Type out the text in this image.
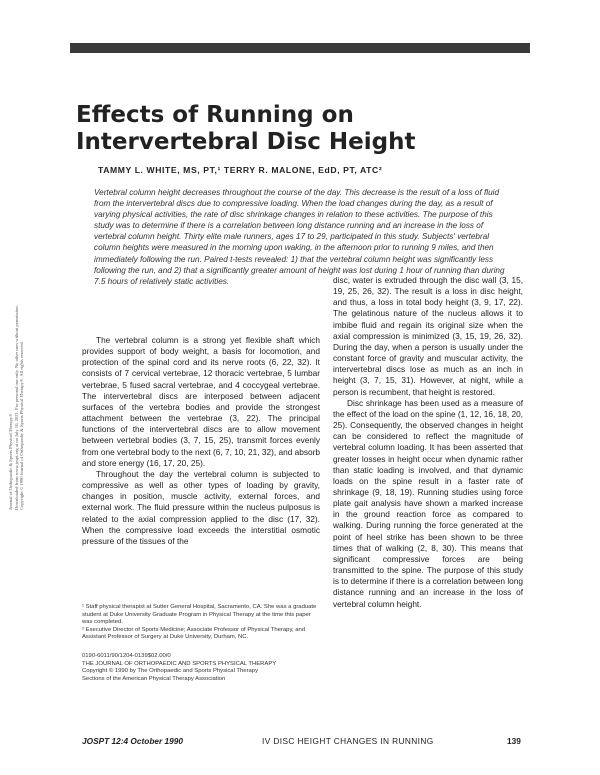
Effects of Running on Intervertebral Disc Height
TAMMY L. WHITE, MS, PT,¹ TERRY R. MALONE, EdD, PT, ATC²
Vertebral column height decreases throughout the course of the day. This decrease is the result of a loss of fluid from the intervertebral discs due to compressive loading. When the load changes during the day, as a result of varying physical activities, the rate of disc shrinkage changes in relation to these activities. The purpose of this study was to determine if there is a correlation between long distance running and an increase in the loss of vertebral column height. Thirty elite male runners, ages 17 to 29, participated in this study. Subjects' vertebral column heights were measured in the morning upon waking, in the afternoon prior to running 9 miles, and then immediately following the run. Paired t-tests revealed: 1) that the vertebral column height was significantly less following the run, and 2) that a significantly greater amount of height was lost during 1 hour of running than during 7.5 hours of relatively static activities.
Journal of Orthopaedic & Sports Physical Therapy® Downloaded from www.jospt.org at on July 10, 2021. For personal use only. No other uses without permission. Copyright © 1990 Journal of Orthopaedic & Sports Physical Therapy®. All rights reserved.

The vertebral column is a strong yet flexible shaft which provides support of body weight, a basis for locomotion, and protection of the spinal cord and its nerve roots (6, 22, 32). It consists of 7 cervical vertebrae, 12 thoracic vertebrae, 5 lumbar vertebrae, 5 fused sacral vertebrae, and 4 coccygeal vertebrae. The intervertebral discs are interposed between adjacent surfaces of the vertebra bodies and provide the strongest attachment between the vertebrae (3, 22). The principal functions of the intervertebral discs are to allow movement between vertebral bodies (3, 7, 15, 25), transmit forces evenly from one vertebral body to the next (6, 7, 10, 21, 32), and absorb and store energy (16, 17, 20, 25).

Throughout the day the vertebral column is subjected to compressive as well as other types of loading by gravity, changes in position, muscle activity, external forces, and external work. The fluid pressure within the nucleus pulposus is related to the axial compression applied to the disc (17, 32). When the compressive load exceeds the interstitial osmotic pressure of the tissues of the

disc, water is extruded through the disc wall (3, 15, 19, 25, 26, 32). The result is a loss in disc height, and thus, a loss in total body height (3, 9, 17, 22). The gelatinous nature of the nucleus allows it to imbibe fluid and regain its original size when the axial compression is minimized (3, 15, 19, 26, 32). During the day, when a person is usually under the constant force of gravity and muscular activity, the intervertebral discs lose as much as an inch in height (3, 7, 15, 31). However, at night, while a person is recumbent, that height is restored.

Disc shrinkage has been used as a measure of the effect of the load on the spine (1, 12, 16, 18, 20, 25). Consequently, the observed changes in height can be considered to reflect the magnitude of vertebral column loading. It has been asserted that greater losses in height occur when dynamic rather than static loading is involved, and that dynamic loads on the spine result in a faster rate of shrinkage (9, 18, 19). Running studies using force plate gait analysis have shown a marked increase in the ground reaction force as compared to walking. During running the force generated at the point of heel strike has been shown to be three times that of walking (2, 8, 30). This means that significant compressive forces are being transmitted to the spine. The purpose of this study is to determine if there is a correlation between long distance running and an increase in the loss of vertebral column height.

¹ Staff physical therapist at Sutter General Hospital, Sacramento, CA. She was a graduate student at Duke University Graduate Program in Physical Therapy at the time this paper was completed.
² Executive Director of Sports Medicine; Associate Professor of Physical Therapy, and Assistant Professor of Surgery at Duke University, Durham, NC.
0190-6011/90/1204-0139$02.00/0
THE JOURNAL OF ORTHOPAEDIC AND SPORTS PHYSICAL THERAPY
Copyright © 1990 by The Orthopaedic and Sports Physical Therapy
Sections of the American Physical Therapy Association
JOSPT 12:4 October 1990	IV DISC HEIGHT CHANGES IN RUNNING	139
